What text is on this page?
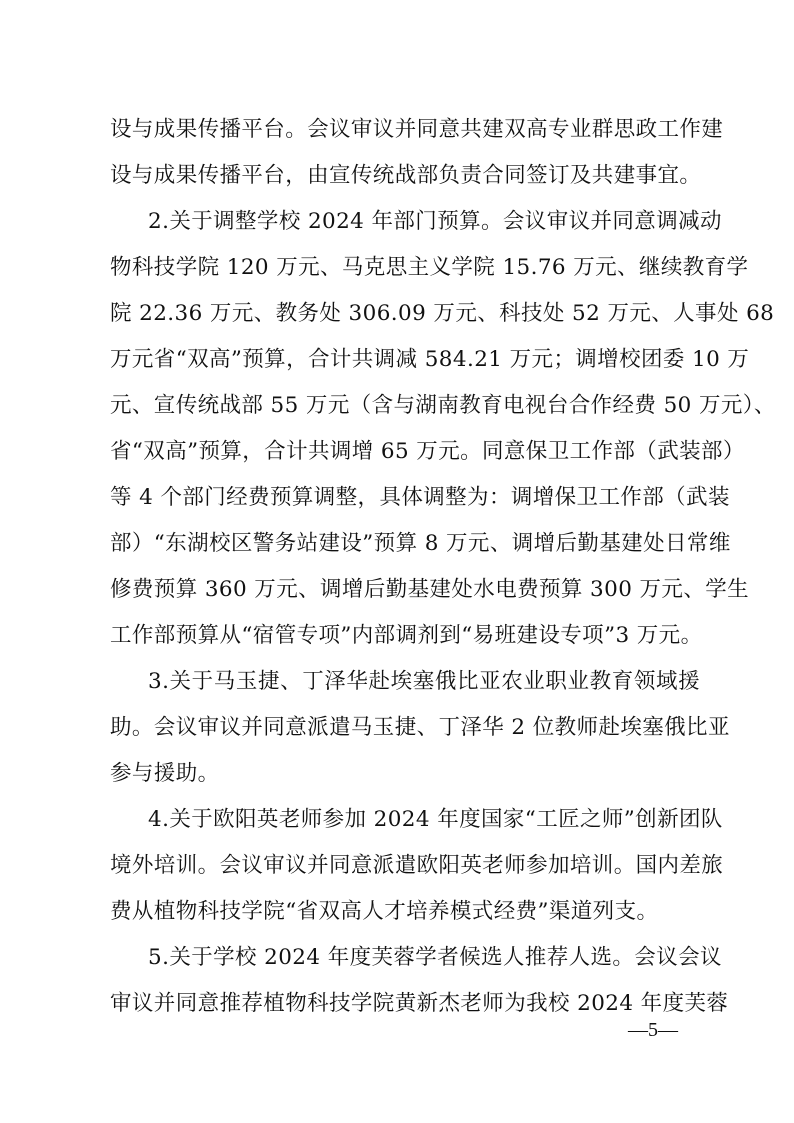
设与成果传播平台。会议审议并同意共建双高专业群思政工作建
设与成果传播平台，由宣传统战部负责合同签订及共建事宜。
2.关于调整学校 2024 年部门预算。会议审议并同意调减动
物科技学院 120 万元、马克思主义学院 15.76 万元、继续教育学
院 22.36 万元、教务处 306.09 万元、科技处 52 万元、人事处 68
万元省“双高”预算，合计共调减 584.21 万元；调增校团委 10 万
元、宣传统战部 55 万元（含与湖南教育电视台合作经费 50 万元）、
省“双高”预算，合计共调增 65 万元。同意保卫工作部（武装部）
等 4 个部门经费预算调整，具体调整为：调增保卫工作部（武装
部）“东湖校区警务站建设”预算 8 万元、调增后勤基建处日常维
修费预算 360 万元、调增后勤基建处水电费预算 300 万元、学生
工作部预算从“宿管专项”内部调剂到“易班建设专项”3 万元。
3.关于马玉捷、丁泽华赴埃塞俄比亚农业职业教育领域援
助。会议审议并同意派遣马玉捷、丁泽华 2 位教师赴埃塞俄比亚
参与援助。
4.关于欧阳英老师参加 2024 年度国家“工匠之师”创新团队
境外培训。会议审议并同意派遣欧阳英老师参加培训。国内差旅
费从植物科技学院“省双高人才培养模式经费”渠道列支。
5.关于学校 2024 年度芙蓉学者候选人推荐人选。会议会议
审议并同意推荐植物科技学院黄新杰老师为我校 2024 年度芙蓉
—5—
